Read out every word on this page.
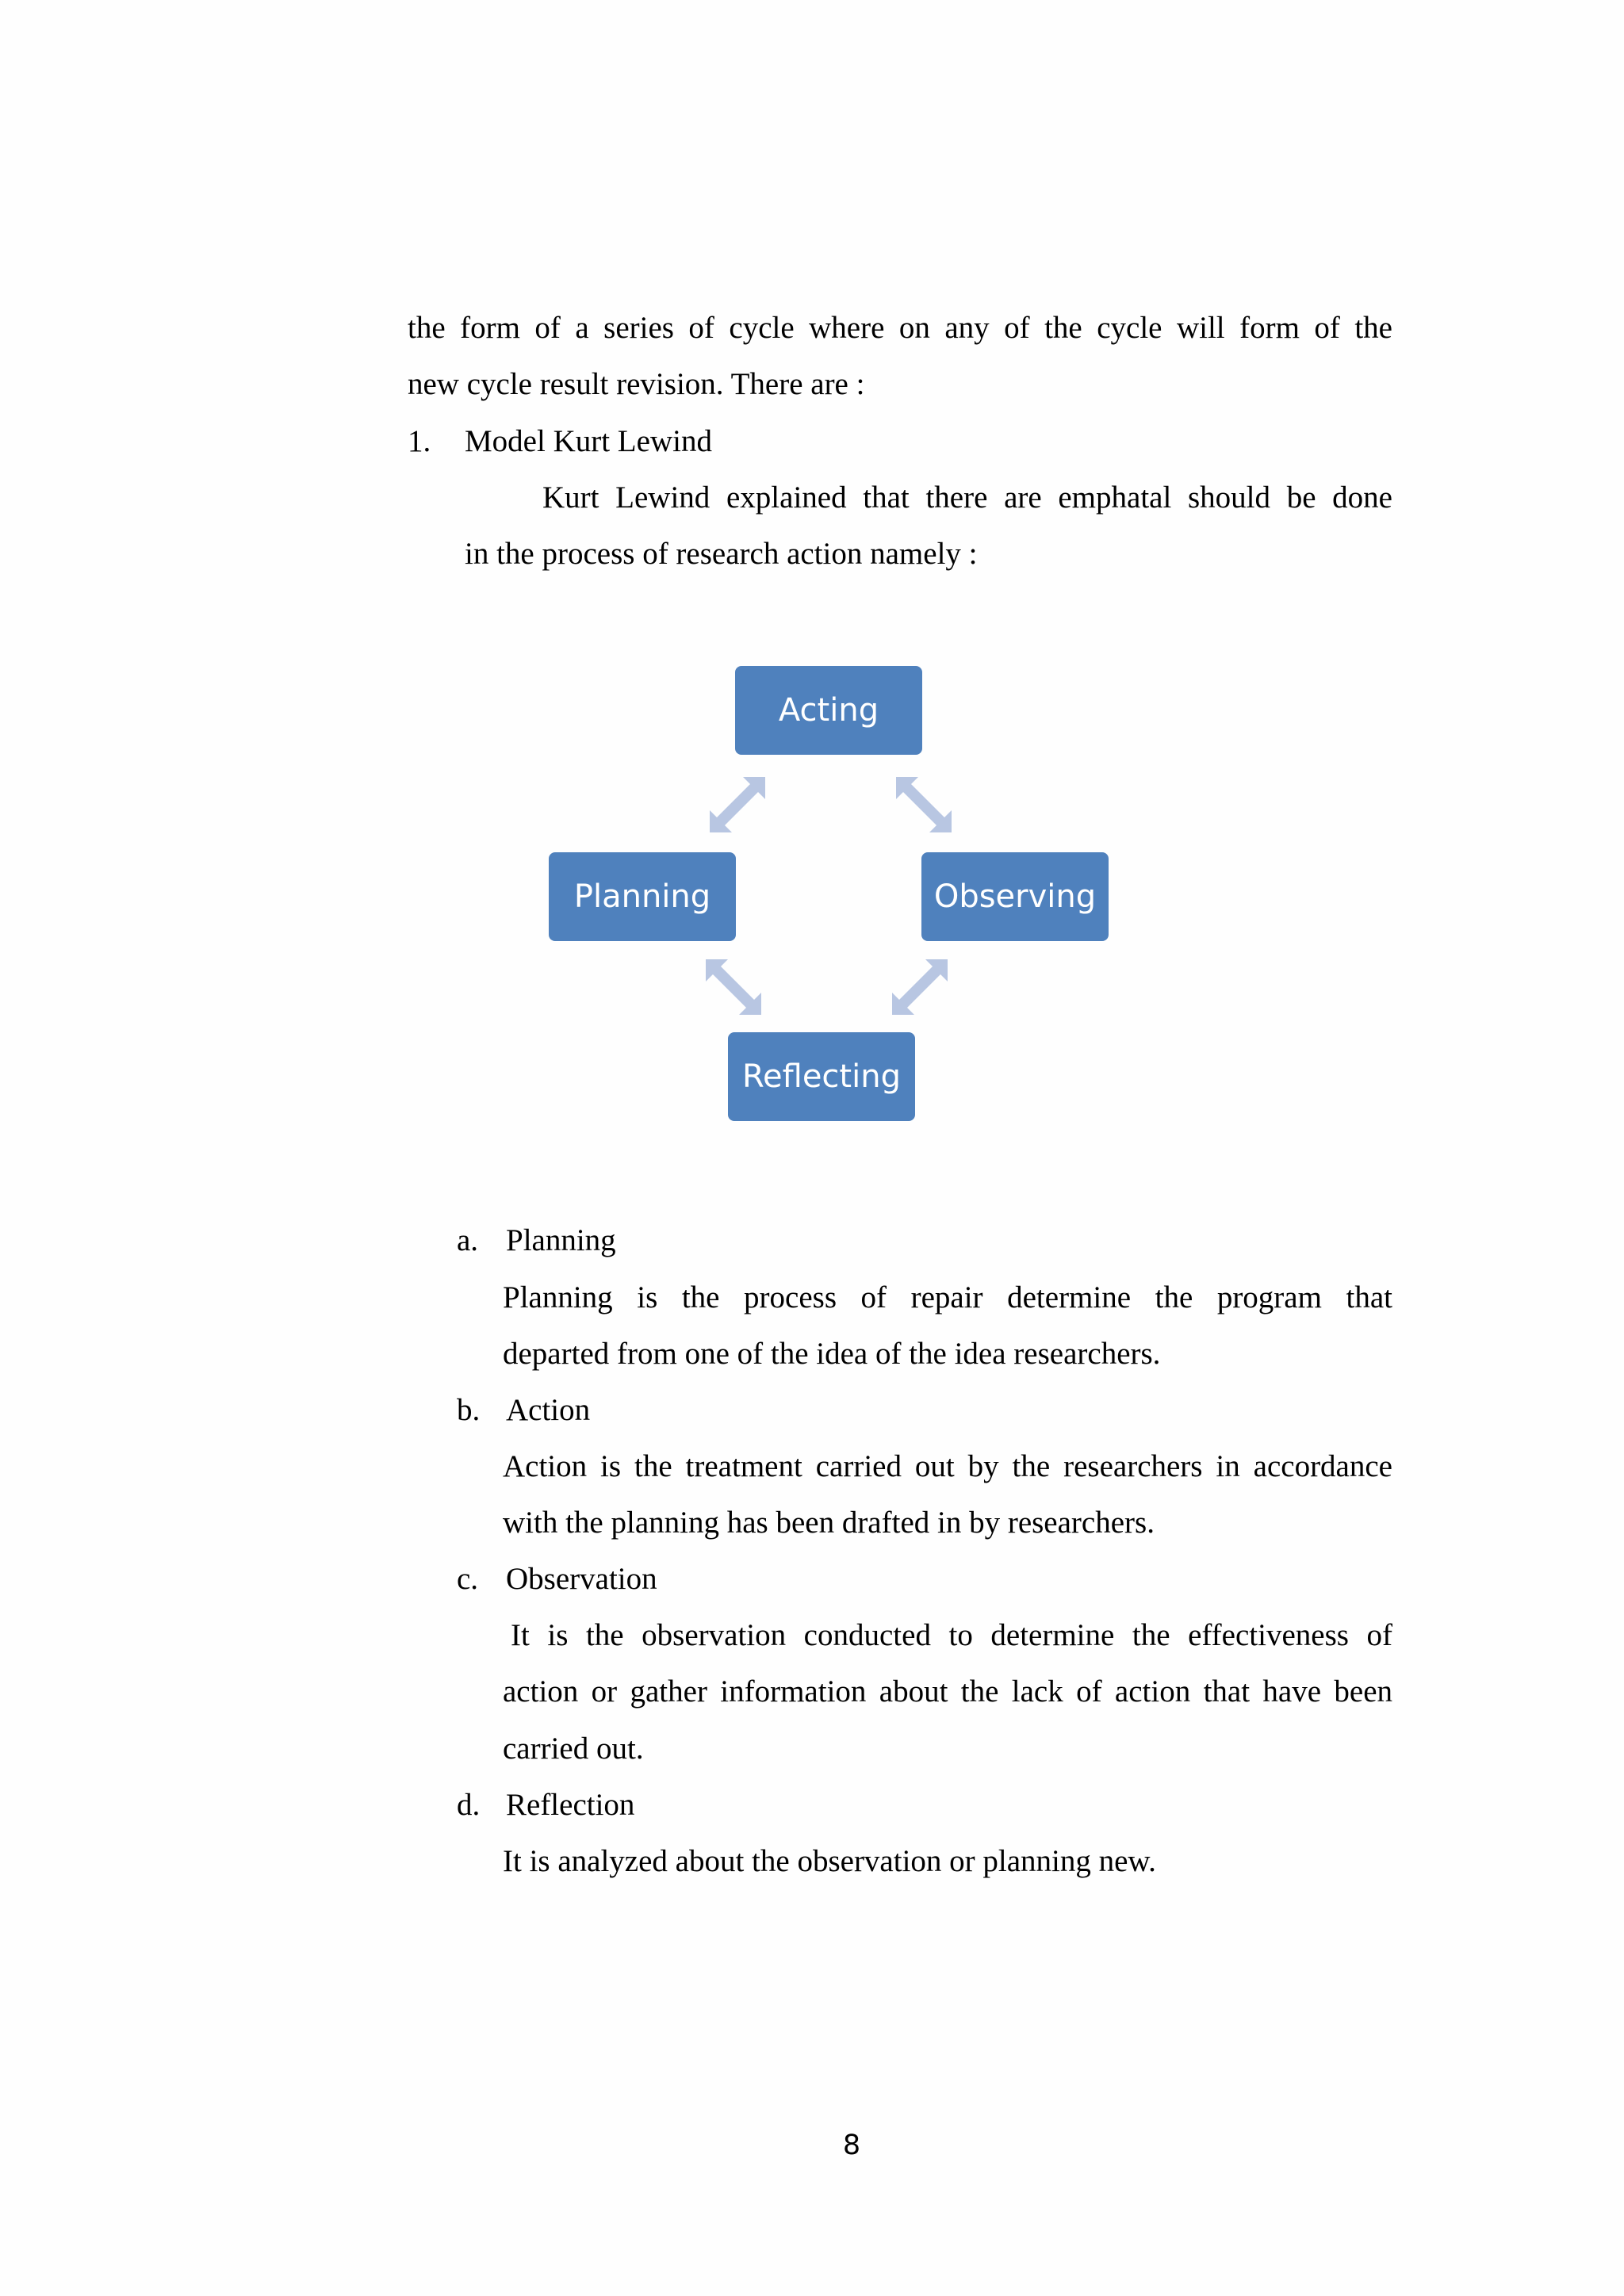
the form of a series of cycle where on any of the cycle will form of the
new cycle result revision. There are :
1. Model Kurt Lewind
Kurt Lewind explained that there are emphatal should be done
in the process of research action namely :
Acting
Planning	Observing
Reflecting
a. Planning
Planning is the process of repair determine the program that
departed from one of the idea of the idea researchers.
b. Action
Action is the treatment carried out by the researchers in accordance
with the planning has been drafted in by researchers.
c. Observation
It is the observation conducted to determine the effectiveness of
action or gather information about the lack of action that have been
carried out.
d. Reflection
It is analyzed about the observation or planning new.
8
